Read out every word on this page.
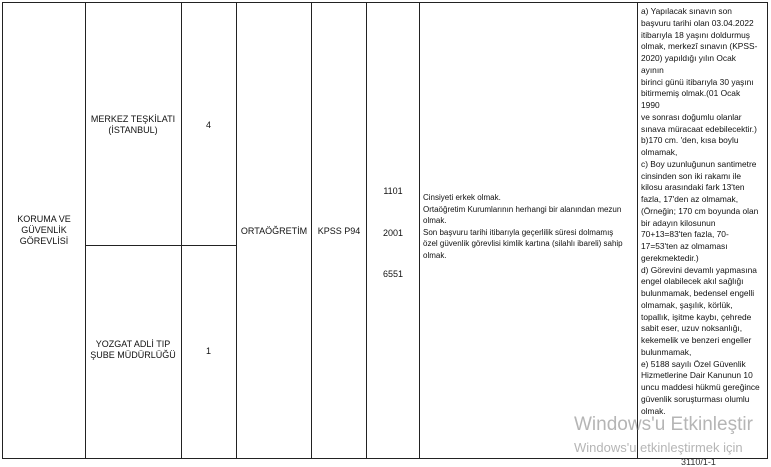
KORUMA VE GÜVENLİK GÖREVLİSİ
MERKEZ TEŞKİLATI (İSTANBUL)
4
YOZGAT ADLİ TIP ŞUBE MÜDÜRLÜĞÜ	1
ORTAÖĞRETİM KPSS P94
1101
2001
6551
Cinsiyeti erkek olmak.
Ortaöğretim Kurumlarının herhangi bir alanından mezun
olmak.
Son başvuru tarihi itibarıyla geçerlilik süresi dolmamış
özel güvenlik görevlisi kimlik kartına (silahlı ibareli) sahip
olmak.
a) Yapılacak sınavın son
başvuru tarihi olan 03.04.2022
itibarıyla 18 yaşını doldurmuş
olmak, merkezî sınavın (KPSS-
2020) yapıldığı yılın Ocak ayının
birinci günü itibarıyla 30 yaşını
bitirmemiş olmak.(01 Ocak 1990
ve sonrası doğumlu olanlar
sınava müracaat edebilecektir.)
b)170 cm. 'den, kısa boylu
olmamak,
c) Boy uzunluğunun santimetre
cinsinden son iki rakamı ile
kilosu arasındaki fark 13'ten
fazla, 17'den az olmamak,
(Örneğin; 170 cm boyunda olan
bir adayın kilosunun
70+13=83'ten fazla, 70-
17=53'ten az olmaması
gerekmektedir.)
d) Görevini devamlı yapmasına
engel olabilecek akıl sağlığı
bulunmamak, bedensel engelli
olmamak, şaşılık, körlük,
topallık, işitme kaybı, çehrede
sabit eser, uzuv noksanlığı,
kekemelik ve benzeri engeller
bulunmamak,
e) 5188 sayılı Özel Güvenlik
Hizmetlerine Dair Kanunun 10
uncu maddesi hükmü gereğince
güvenlik soruşturması olumlu
olmak.
Windows'u Etkinleştir
Windows'u etkinleştirmek için
3110/1-1
